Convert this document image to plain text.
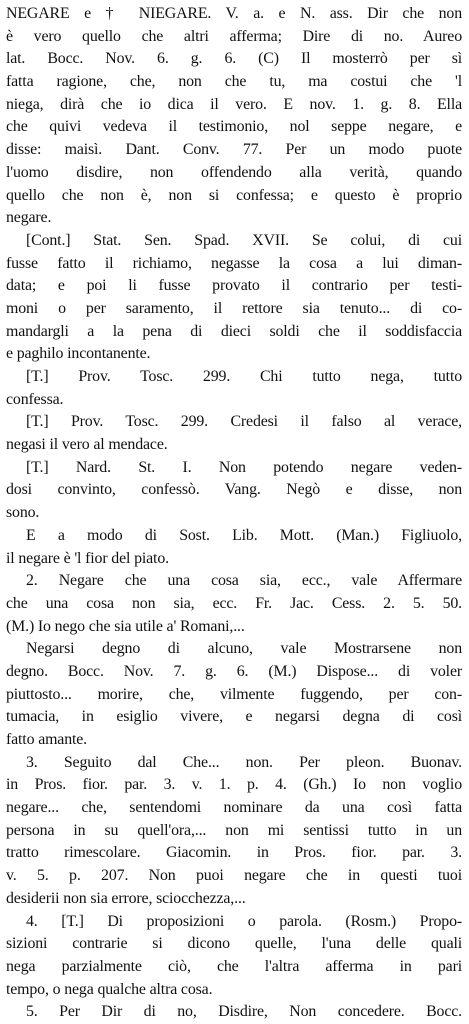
NEGARE e † NIEGARE. V. a. e N. ass. Dir che non
è vero quello che altri afferma; Dire di no. Aureo
lat. Bocc. Nov. 6. g. 6. (C) Il mosterrò per sì
fatta ragione, che, non che tu, ma costui che 'l
niega, dirà che io dica il vero. E nov. 1. g. 8. Ella
che quivi vedeva il testimonio, nol seppe negare, e
disse: maisì. Dant. Conv. 77. Per un modo puote
l'uomo disdire, non offendendo alla verità, quando
quello che non è, non si confessa; e questo è proprio
negare.
[Cont.] Stat. Sen. Spad. XVII. Se colui, di cui
fusse fatto il richiamo, negasse la cosa a lui diman-
data; e poi li fusse provato il contrario per testi-
moni o per saramento, il rettore sia tenuto... di co-
mandargli a la pena di dieci soldi che il soddisfaccia
e paghilo incontanente.
[T.] Prov. Tosc. 299. Chi tutto nega, tutto
confessa.
[T.] Prov. Tosc. 299. Credesi il falso al verace,
negasi il vero al mendace.
[T.] Nard. St. I. Non potendo negare veden-
dosi convinto, confessò. Vang. Negò e disse, non
sono.
E a modo di Sost. Lib. Mott. (Man.) Figliuolo,
il negare è 'l fior del piato.
2. Negare che una cosa sia, ecc., vale Affermare
che una cosa non sia, ecc. Fr. Jac. Cess. 2. 5. 50.
(M.) Io nego che sia utile a' Romani,...
Negarsi degno di alcuno, vale Mostrarsene non
degno. Bocc. Nov. 7. g. 6. (M.) Dispose... di voler
piuttosto... morire, che, vilmente fuggendo, per con-
tumacia, in esiglio vivere, e negarsi degna di così
fatto amante.
3. Seguito dal Che... non. Per pleon. Buonav.
in Pros. fior. par. 3. v. 1. p. 4. (Gh.) Io non voglio
negare... che, sentendomi nominare da una così fatta
persona in su quell'ora,... non mi sentissi tutto in un
tratto rimescolare. Giacomin. in Pros. fior. par. 3.
v. 5. p. 207. Non puoi negare che in questi tuoi
desiderii non sia errore, sciocchezza,...
4. [T.] Di proposizioni o parola. (Rosm.) Propo-
sizioni contrarie si dicono quelle, l'una delle quali
nega parzialmente ciò, che l'altra afferma in pari
tempo, o nega qualche altra cosa.
5. Per Dir di no, Disdire, Non concedere. Bocc.
